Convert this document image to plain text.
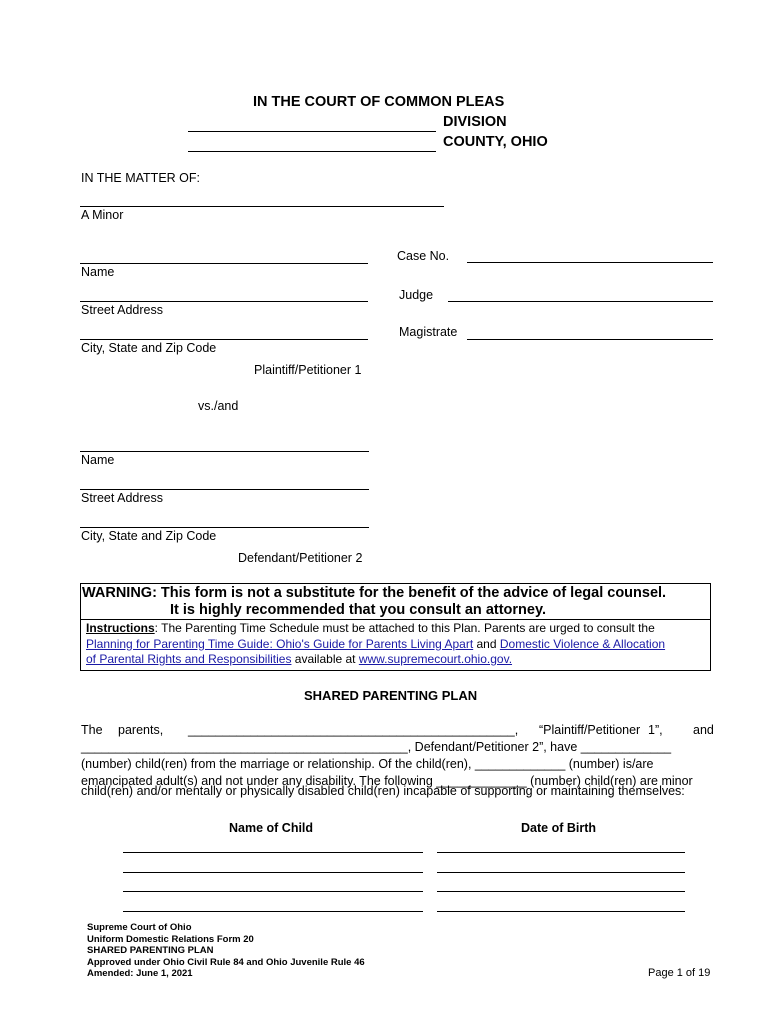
IN THE COURT OF COMMON PLEAS
DIVISION
COUNTY, OHIO
IN THE MATTER OF:
A Minor
Case No.
Judge
Magistrate
Name
Street Address
City, State and Zip Code
Plaintiff/Petitioner 1
vs./and
Name
Street Address
City, State and Zip Code
Defendant/Petitioner 2
WARNING: This form is not a substitute for the benefit of the advice of legal counsel.
It is highly recommended that you consult an attorney.
Instructions: The Parenting Time Schedule must be attached to this Plan. Parents are urged to consult the
Planning for Parenting Time Guide: Ohio's Guide for Parents Living Apart and Domestic Violence & Allocation
of Parental Rights and Responsibilities available at www.supremecourt.ohio.gov.
SHARED PARENTING PLAN
The parents, _______________________________________________, “Plaintiff/Petitioner 1”, and
_______________________________________________, Defendant/Petitioner 2”, have _____________
(number) child(ren) from the marriage or relationship. Of the child(ren), _____________ (number) is/are
emancipated adult(s) and not under any disability. The following _____________ (number) child(ren) are minor
child(ren) and/or mentally or physically disabled child(ren) incapable of supporting or maintaining themselves:
Name of Child	Date of Birth
Supreme Court of Ohio
Uniform Domestic Relations Form 20
SHARED PARENTING PLAN
Approved under Ohio Civil Rule 84 and Ohio Juvenile Rule 46
Amended: June 1, 2021	Page 1 of 19
